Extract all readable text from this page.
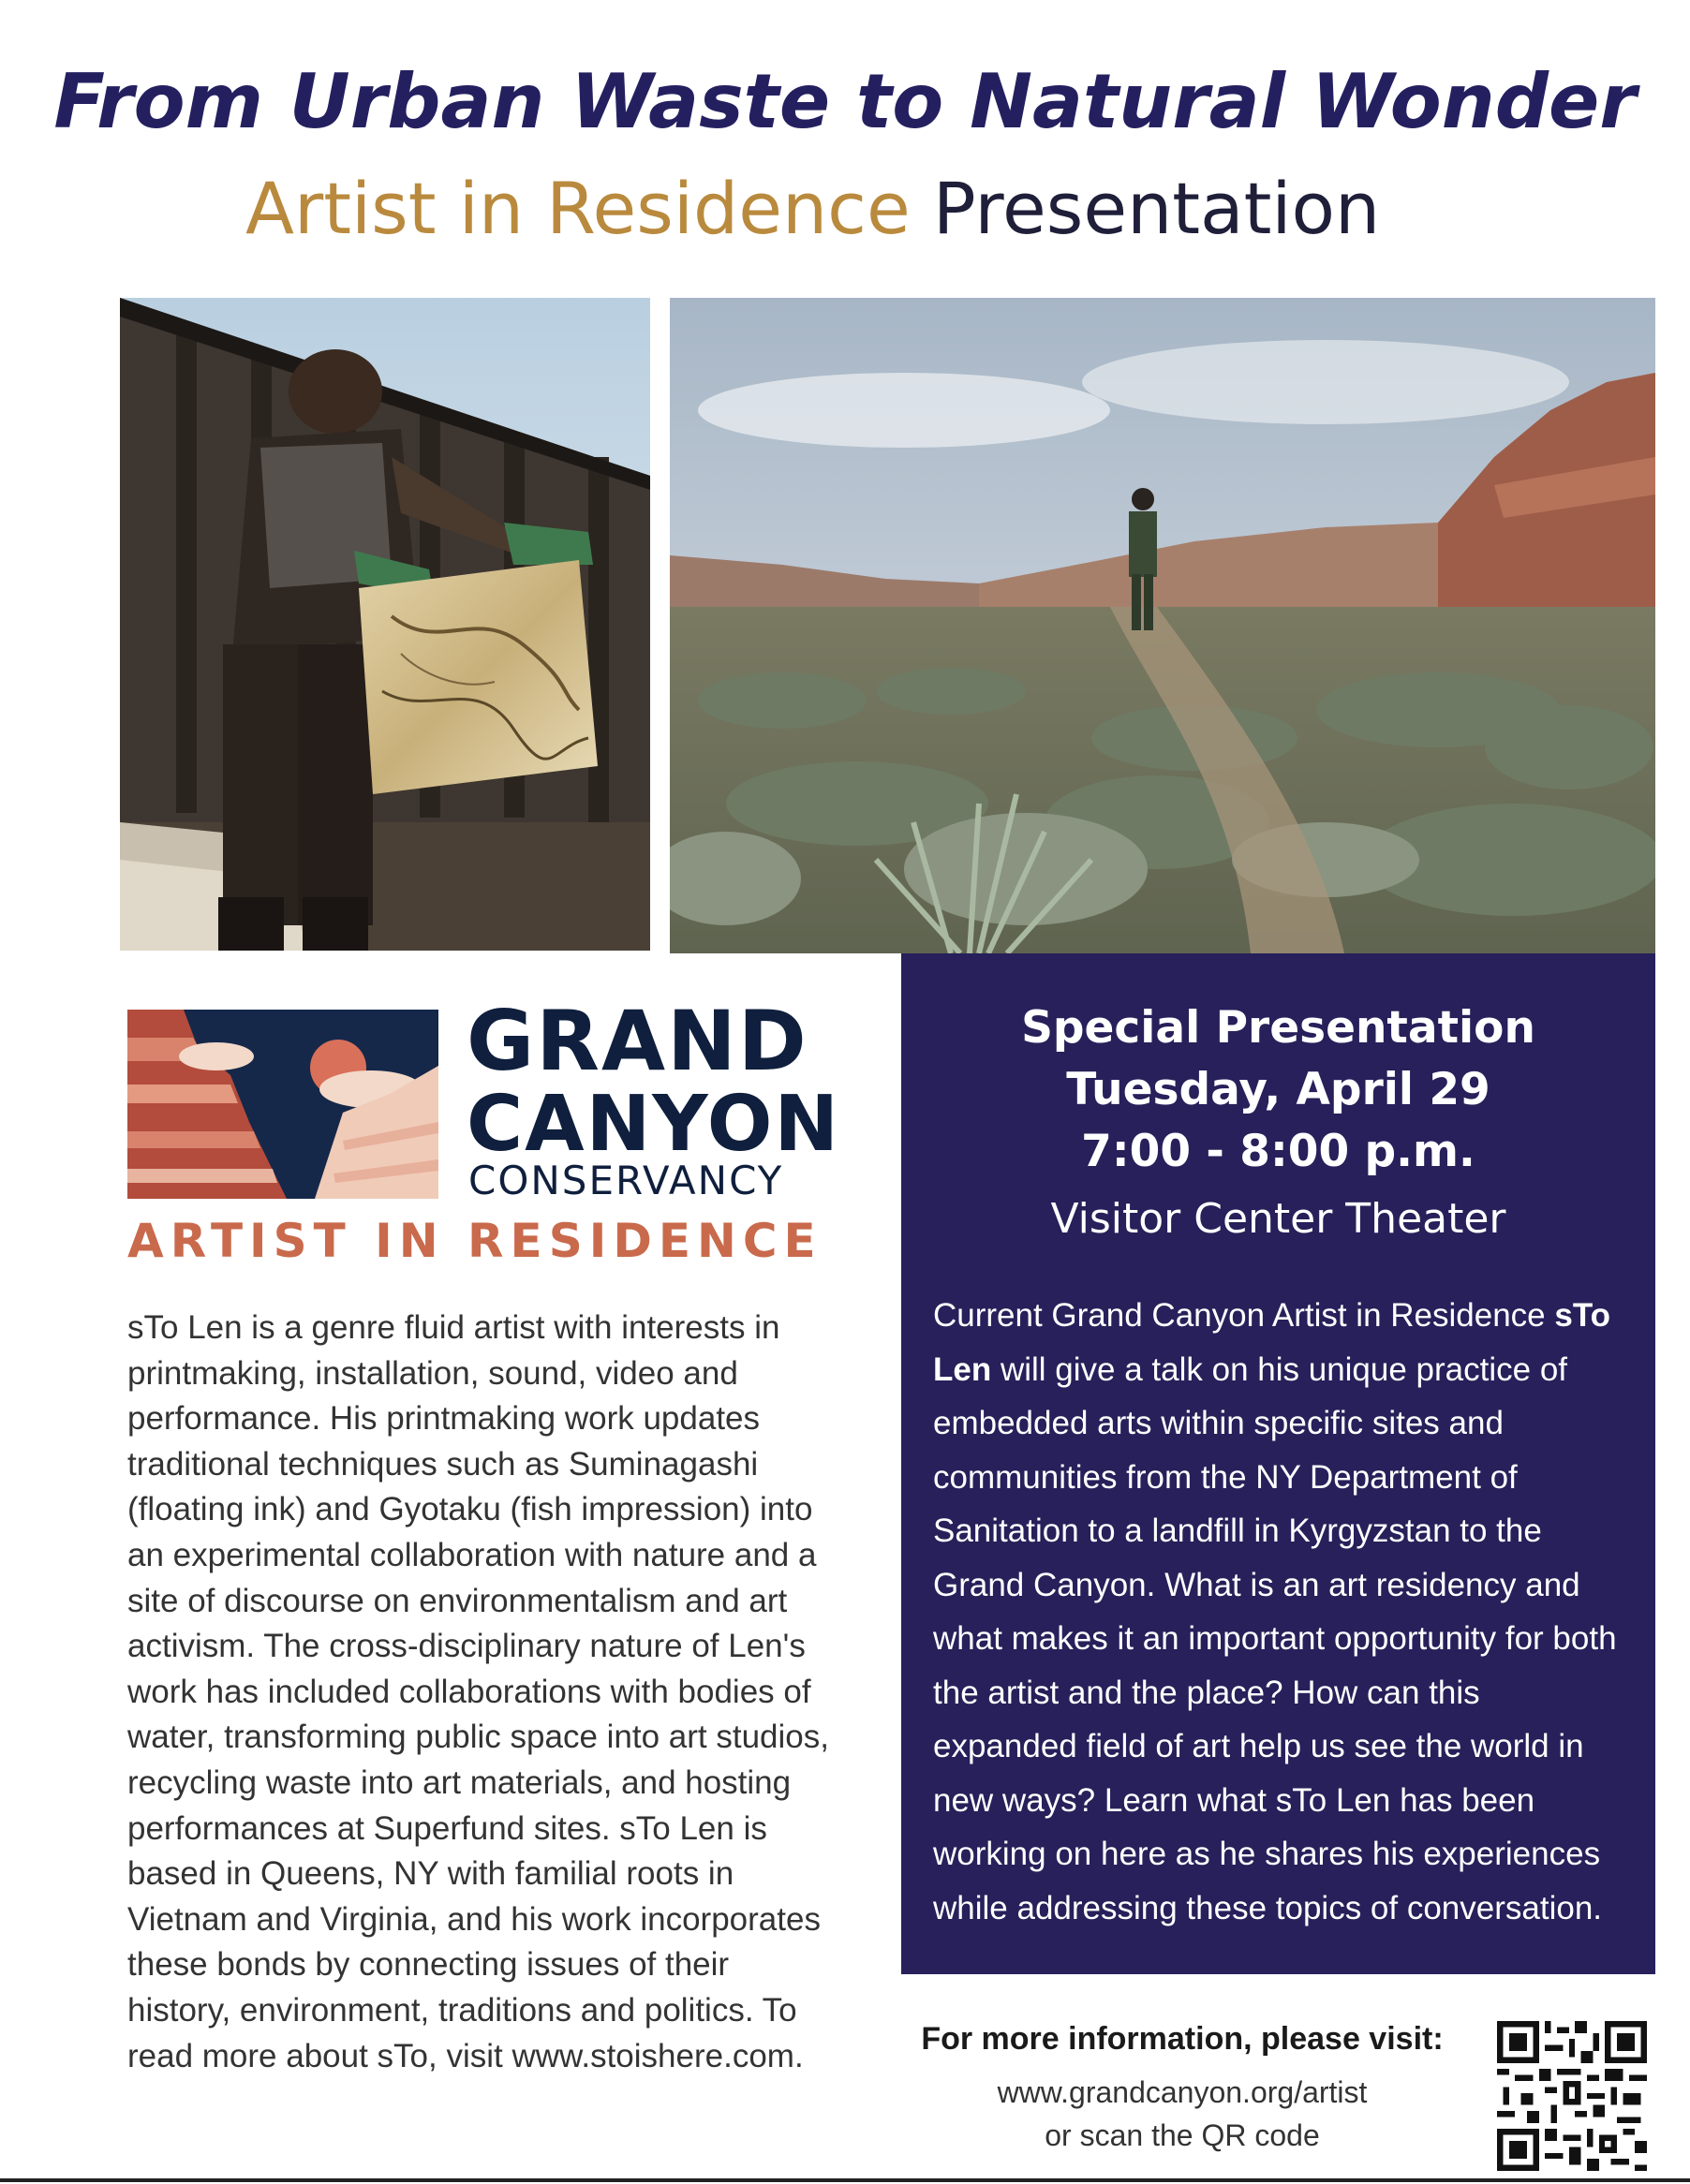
From Urban Waste to Natural Wonder
Artist in Residence Presentation
GRAND
CANYON
CONSERVANCY
ARTIST IN RESIDENCE
sTo Len is a genre fluid artist with interests in printmaking, installation, sound, video and performance. His printmaking work updates traditional techniques such as Suminagashi (floating ink) and Gyotaku (fish impression) into an experimental collaboration with nature and a site of discourse on environmentalism and art activism. The cross-disciplinary nature of Len's work has included collaborations with bodies of water, transforming public space into art studios, recycling waste into art materials, and hosting performances at Superfund sites. sTo Len is based in Queens, NY with familial roots in Vietnam and Virginia, and his work incorporates these bonds by connecting issues of their history, environment, traditions and politics. To read more about sTo, visit www.stoishere.com.
Special Presentation
Tuesday, April 29
7:00 - 8:00 p.m.
Visitor Center Theater
Current Grand Canyon Artist in Residence sTo Len will give a talk on his unique practice of embedded arts within specific sites and communities from the NY Department of Sanitation to a landfill in Kyrgyzstan to the Grand Canyon. What is an art residency and what makes it an important opportunity for both the artist and the place? How can this expanded field of art help us see the world in new ways? Learn what sTo Len has been working on here as he shares his experiences while addressing these topics of conversation.
For more information, please visit:
www.grandcanyon.org/artist
or scan the QR code
